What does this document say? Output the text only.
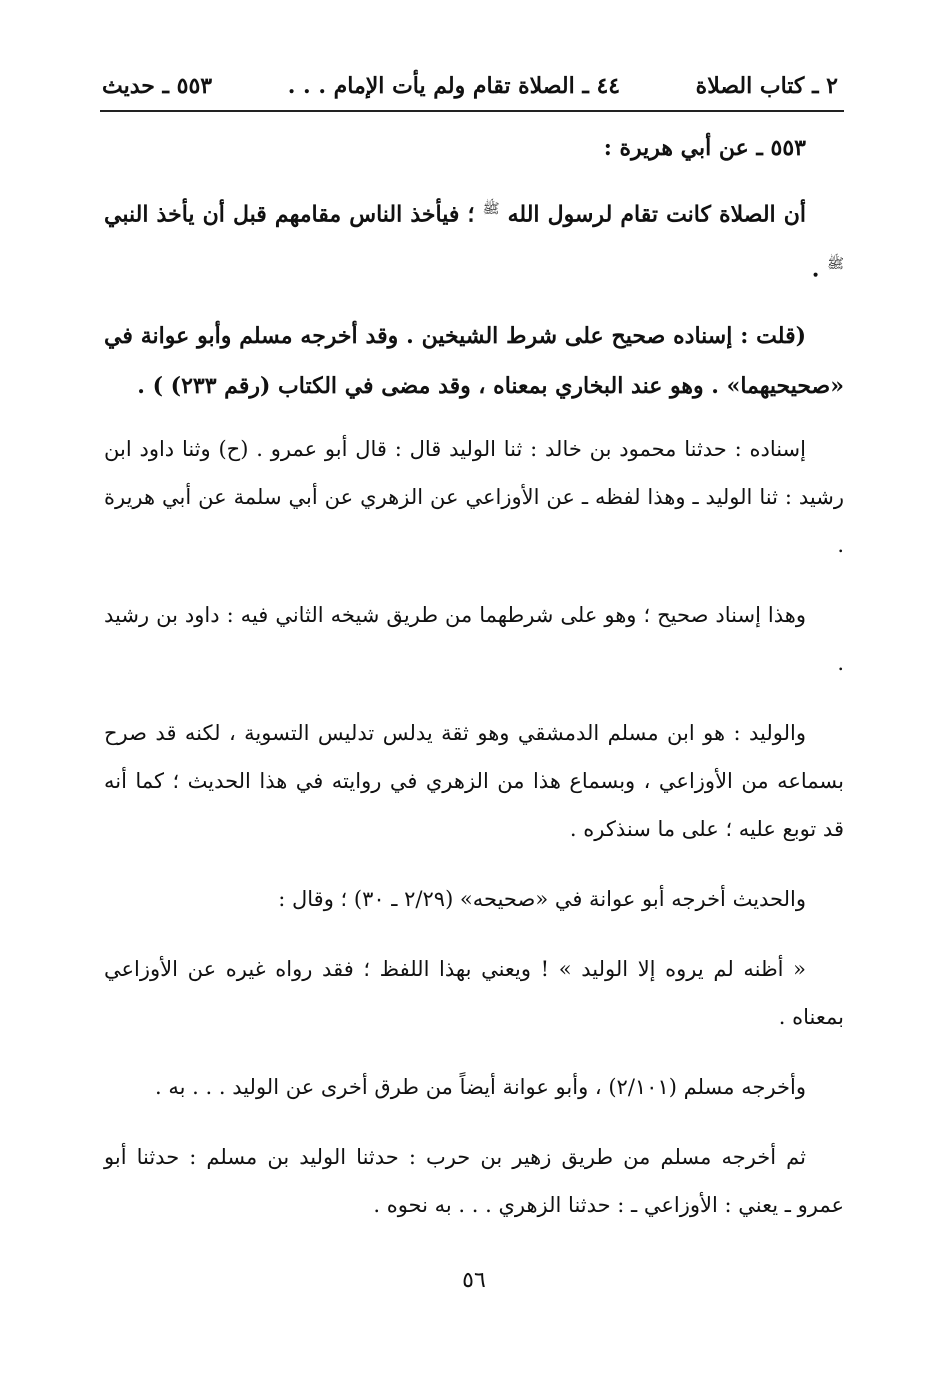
٢ ـ كتاب الصلاة
٤٤ ـ الصلاة تقام ولم يأت الإمام . . .
٥٥٣ ـ حديث

٥٥٣ ـ عن أبي هريرة :

أن الصلاة كانت تقام لرسول الله $^ﷺ$ ؛ فيأخذ الناس مقامهم قبل أن يأخذ النبي $^ﷺ$ .

(قلت : إسناده صحيح على شرط الشيخين . وقد أخرجه مسلم وأبو عوانة في «صحيحيهما» . وهو عند البخاري بمعناه ، وقد مضى في الكتاب (رقم ٢٣٣) ) .

إسناده : حدثنا محمود بن خالد : ثنا الوليد قال : قال أبو عمرو . (ح) وثنا داود ابن رشيد : ثنا الوليد ـ وهذا لفظه ـ عن الأوزاعي عن الزهري عن أبي سلمة عن أبي هريرة .

وهذا إسناد صحيح ؛ وهو على شرطهما من طريق شيخه الثاني فيه : داود بن رشيد .

والوليد : هو ابن مسلم الدمشقي وهو ثقة يدلس تدليس التسوية ، لكنه قد صرح بسماعه من الأوزاعي ، وبسماع هذا من الزهري في روايته في هذا الحديث ؛ كما أنه قد توبع عليه ؛ على ما سنذكره .

والحديث أخرجه أبو عوانة في «صحيحه» (٢/٢٩ ـ ٣٠) ؛ وقال :

« أظنه لم يروه إلا الوليد » ! ويعني بهذا اللفظ ؛ فقد رواه غيره عن الأوزاعي بمعناه .

وأخرجه مسلم (٢/١٠١) ، وأبو عوانة أيضاً من طرق أخرى عن الوليد . . . به .

ثم أخرجه مسلم من طريق زهير بن حرب : حدثنا الوليد بن مسلم : حدثنا أبو عمرو ـ يعني : الأوزاعي ـ : حدثنا الزهري . . . به نحوه .

٥٦
